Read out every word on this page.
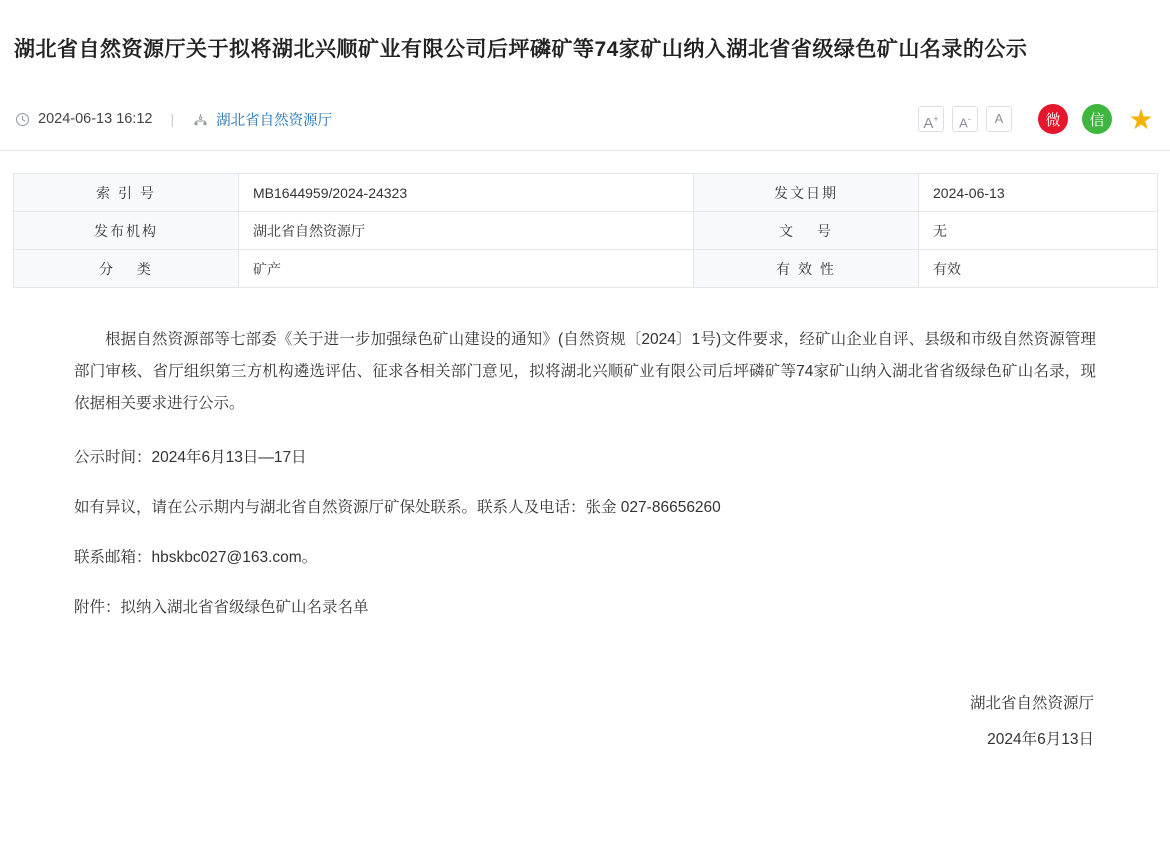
湖北省自然资源厅关于拟将湖北兴顺矿业有限公司后坪磷矿等74家矿山纳入湖北省省级绿色矿山名录的公示
2024-06-13 16:12 |	湖北省自然资源厅	A+	A-	A	微	信 ★
索 引 号	MB1644959/2024-24323	发文日期	2024-06-13
发布机构	湖北省自然资源厅	文　 号	无
分　 类	矿产	有 效 性	有效

根据自然资源部等七部委《关于进一步加强绿色矿山建设的通知》(自然资规〔2024〕1号)文件要求，经矿山企业自评、县级和市级自然资源管理部门审核、省厅组织第三方机构遴选评估、征求各相关部门意见，拟将湖北兴顺矿业有限公司后坪磷矿等74家矿山纳入湖北省省级绿色矿山名录，现依据相关要求进行公示。

公示时间：2024年6月13日—17日

如有异议，请在公示期内与湖北省自然资源厅矿保处联系。联系人及电话：张金 027-86656260

联系邮箱：hbskbc027@163.com。

附件：拟纳入湖北省省级绿色矿山名录名单

湖北省自然资源厅
2024年6月13日
